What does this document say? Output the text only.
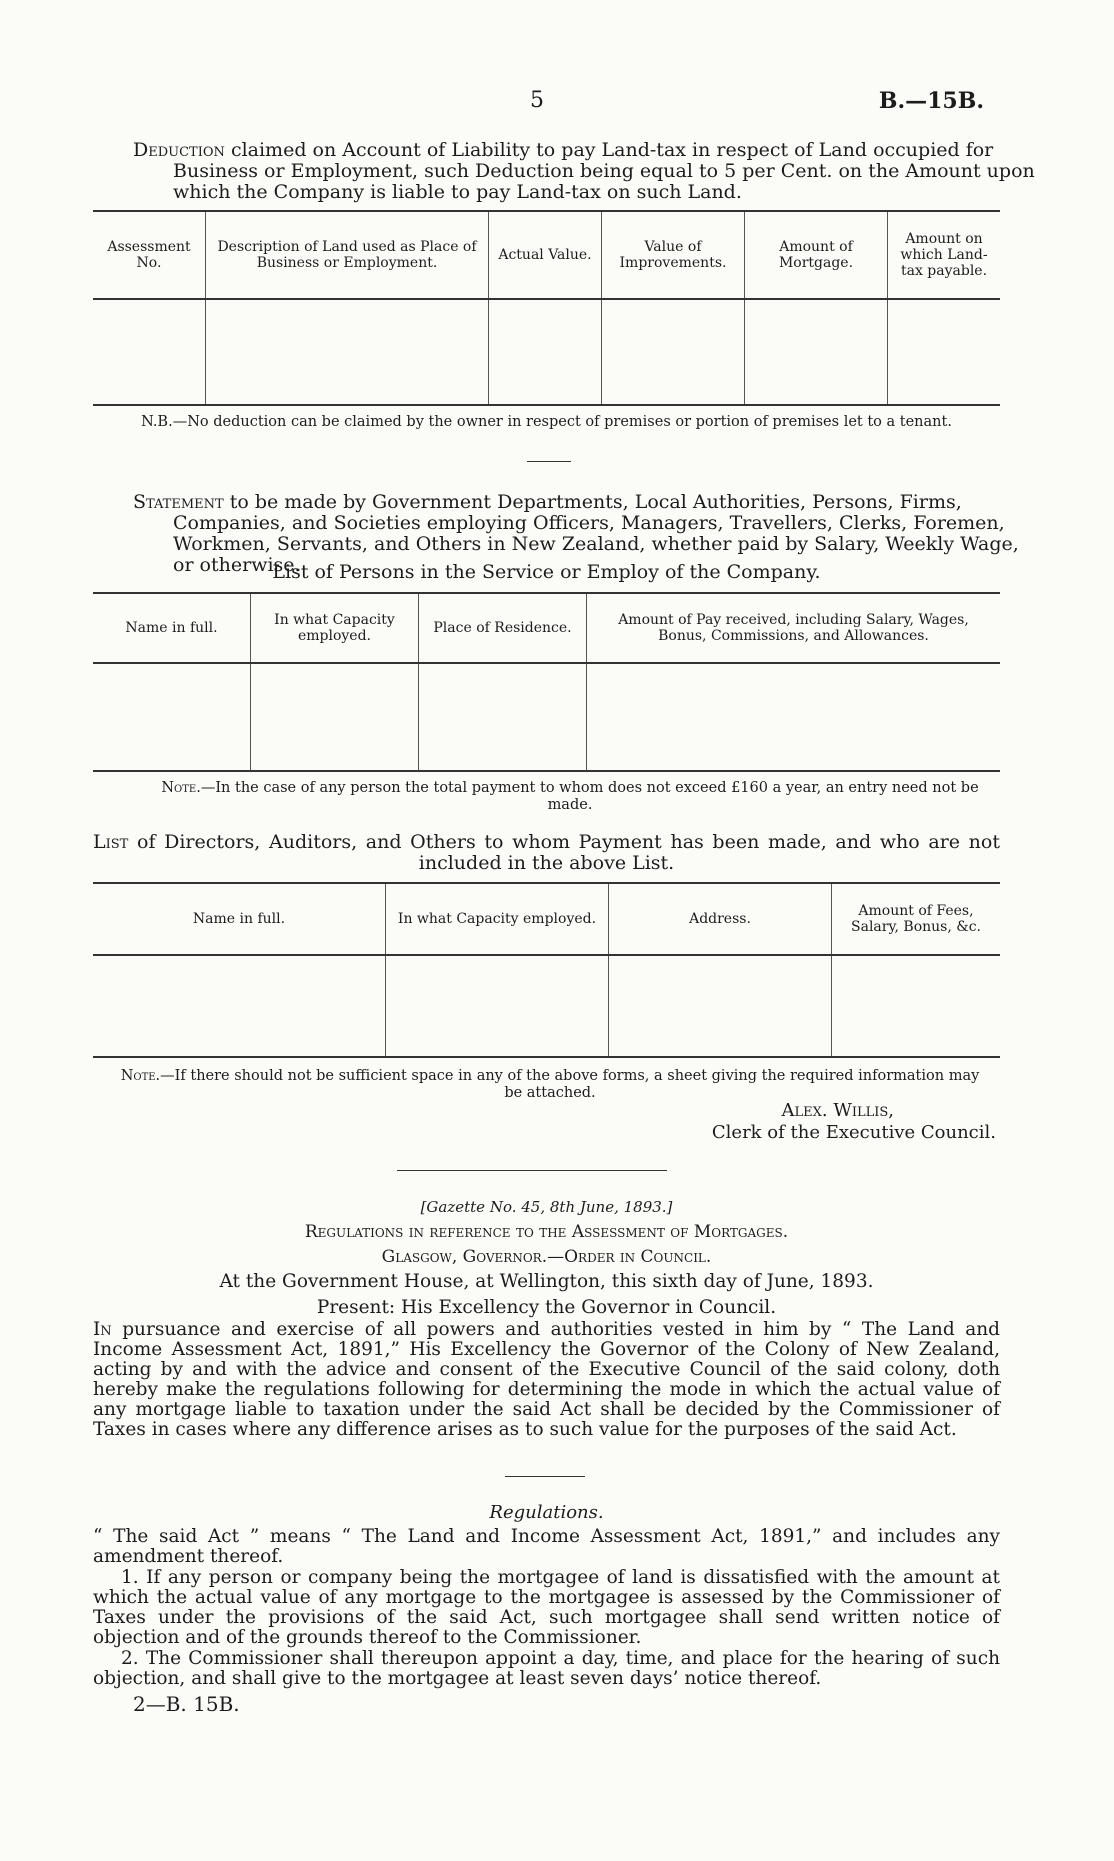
5	B.—15B.
Deduction claimed on Account of Liability to pay Land-tax in respect of Land occupied for Business or Employment, such Deduction being equal to 5 per Cent. on the Amount upon which the Company is liable to pay Land-tax on such Land.
Assessment No.	Description of Land used as Place of Business or Employment.	Actual Value.	Value of Improvements.	Amount of Mortgage.	Amount on which Land-tax payable.

N.B.—No deduction can be claimed by the owner in respect of premises or portion of premises let to a tenant.
Statement to be made by Government Departments, Local Authorities, Persons, Firms, Companies, and Societies employing Officers, Managers, Travellers, Clerks, Foremen, Workmen, Servants, and Others in New Zealand, whether paid by Salary, Weekly Wage, or otherwise.
List of Persons in the Service or Employ of the Company.
Name in full.	In what Capacity employed.	Place of Residence.	Amount of Pay received, including Salary, Wages, Bonus, Commissions, and Allowances.

Note.—In the case of any person the total payment to whom does not exceed £160 a year, an entry need not be made.
List of Directors, Auditors, and Others to whom Payment has been made, and who are not included in the above List.
Name in full.	In what Capacity employed.	Address.	Amount of Fees, Salary, Bonus, &c.

Note.—If there should not be sufficient space in any of the above forms, a sheet giving the required information may be attached.
Alex. Willis,
Clerk of the Executive Council.
[Gazette No. 45, 8th June, 1893.]
Regulations in reference to the Assessment of Mortgages.
Glasgow, Governor.—Order in Council.
At the Government House, at Wellington, this sixth day of June, 1893.
Present: His Excellency the Governor in Council.
In pursuance and exercise of all powers and authorities vested in him by “ The Land and Income Assessment Act, 1891,” His Excellency the Governor of the Colony of New Zealand, acting by and with the advice and consent of the Executive Council of the said colony, doth hereby make the regulations following for determining the mode in which the actual value of any mortgage liable to taxation under the said Act shall be decided by the Commissioner of Taxes in cases where any difference arises as to such value for the purposes of the said Act.
Regulations.
“ The said Act ” means “ The Land and Income Assessment Act, 1891,” and includes any amendment thereof.
1. If any person or company being the mortgagee of land is dissatisfied with the amount at which the actual value of any mortgage to the mortgagee is assessed by the Commissioner of Taxes under the provisions of the said Act, such mortgagee shall send written notice of objection and of the grounds thereof to the Commissioner.
2. The Commissioner shall thereupon appoint a day, time, and place for the hearing of such objection, and shall give to the mortgagee at least seven days’ notice thereof.
2—B. 15B.
